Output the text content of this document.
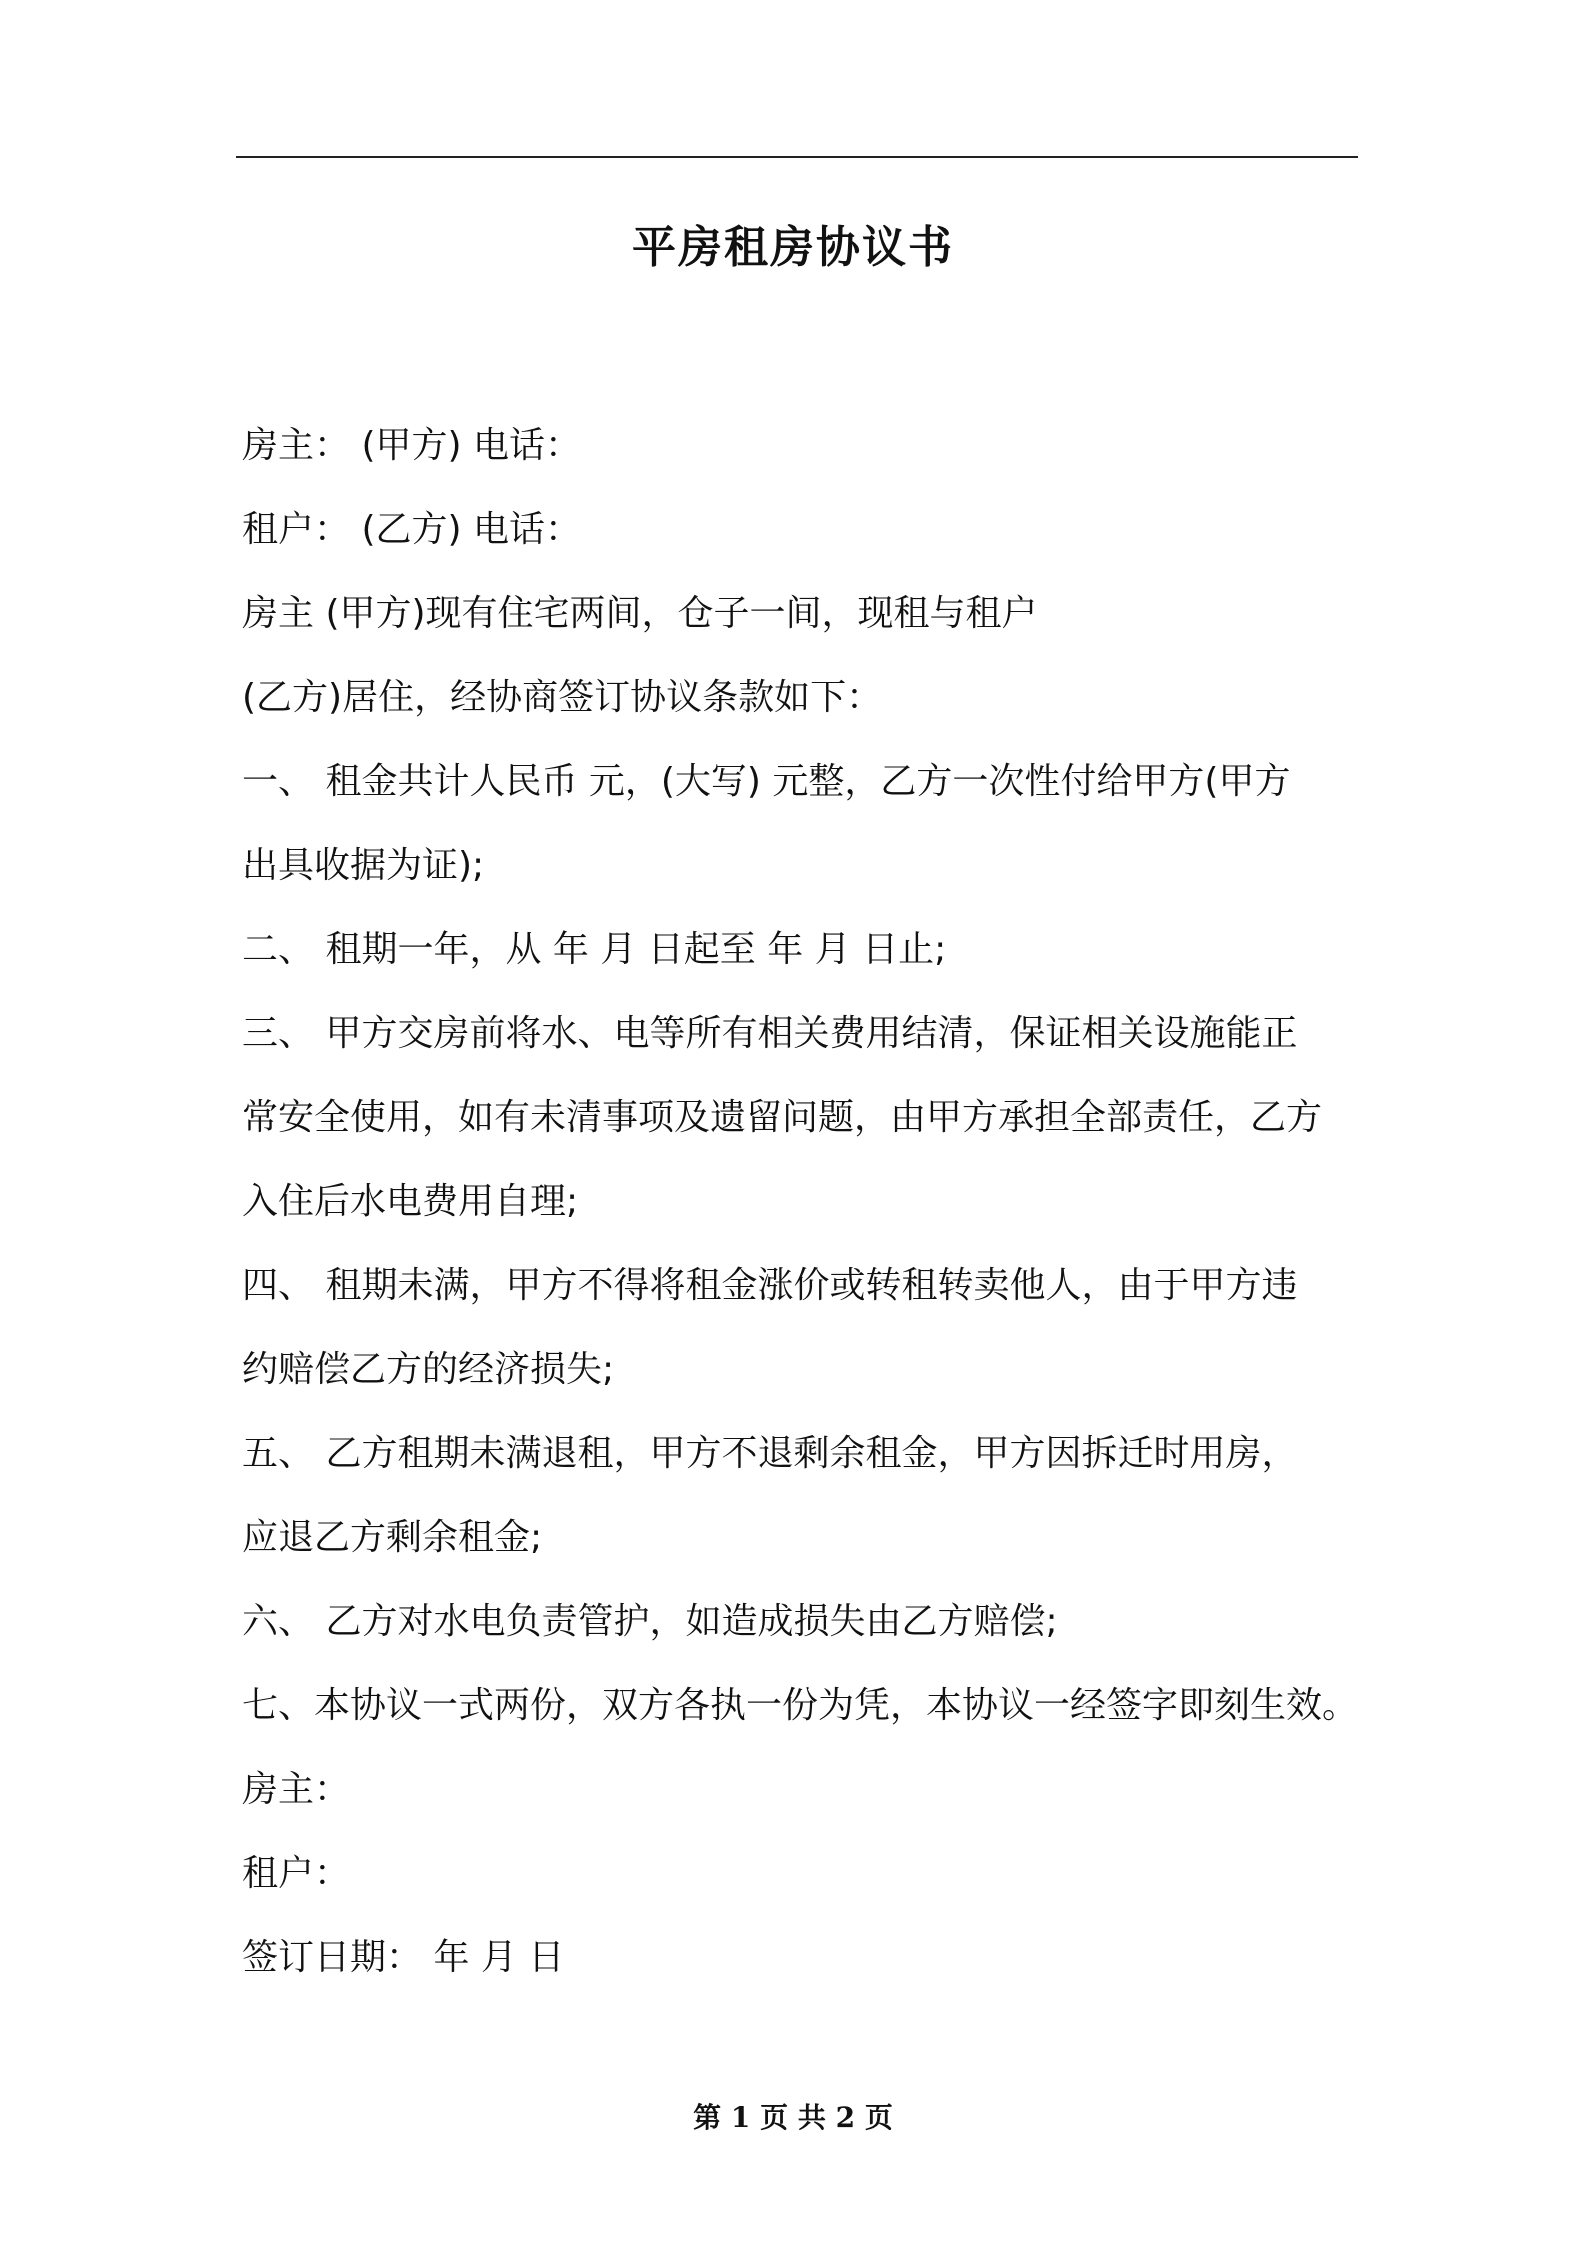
平房租房协议书
房主： (甲方) 电话：
租户： (乙方) 电话：
房主 (甲方)现有住宅两间，仓子一间，现租与租户
(乙方)居住，经协商签订协议条款如下：
一、 租金共计人民币 元，(大写) 元整，乙方一次性付给甲方(甲方
出具收据为证);
二、 租期一年，从 年 月 日起至 年 月 日止;
三、 甲方交房前将水、电等所有相关费用结清，保证相关设施能正
常安全使用，如有未清事项及遗留问题，由甲方承担全部责任，乙方
入住后水电费用自理;
四、 租期未满，甲方不得将租金涨价或转租转卖他人，由于甲方违
约赔偿乙方的经济损失;
五、 乙方租期未满退租，甲方不退剩余租金，甲方因拆迁时用房，
应退乙方剩余租金;
六、 乙方对水电负责管护，如造成损失由乙方赔偿;
七、本协议一式两份，双方各执一份为凭，本协议一经签字即刻生效。
房主：
租户：
签订日期： 年 月 日
第 1 页 共 2 页
